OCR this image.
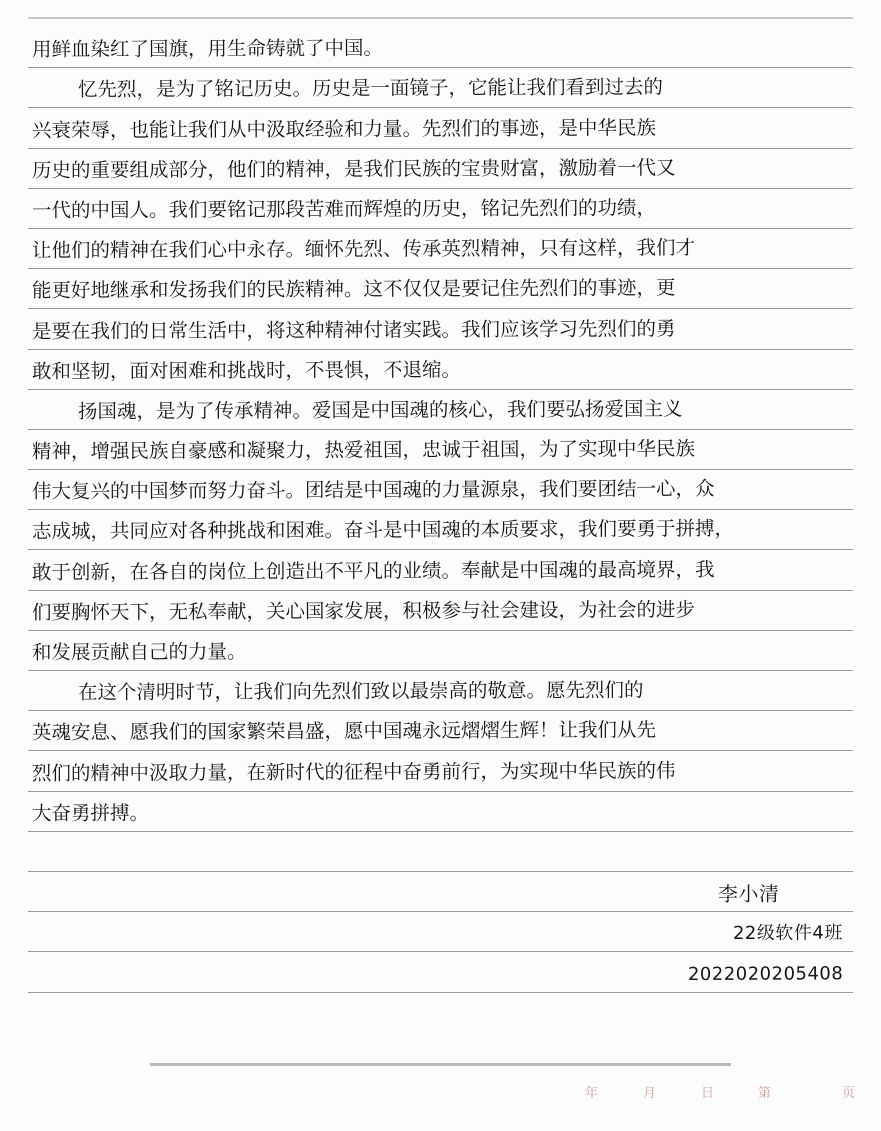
用鲜血染红了国旗，用生命铸就了中国。
忆先烈，是为了铭记历史。历史是一面镜子，它能让我们看到过去的
兴衰荣辱，也能让我们从中汲取经验和力量。先烈们的事迹，是中华民族
历史的重要组成部分，他们的精神，是我们民族的宝贵财富，激励着一代又
一代的中国人。我们要铭记那段苦难而辉煌的历史，铭记先烈们的功绩，
让他们的精神在我们心中永存。缅怀先烈、传承英烈精神，只有这样，我们才
能更好地继承和发扬我们的民族精神。这不仅仅是要记住先烈们的事迹，更
是要在我们的日常生活中，将这种精神付诸实践。我们应该学习先烈们的勇
敢和坚韧，面对困难和挑战时，不畏惧，不退缩。
扬国魂，是为了传承精神。爱国是中国魂的核心，我们要弘扬爱国主义
精神，增强民族自豪感和凝聚力，热爱祖国，忠诚于祖国，为了实现中华民族
伟大复兴的中国梦而努力奋斗。团结是中国魂的力量源泉，我们要团结一心，众
志成城，共同应对各种挑战和困难。奋斗是中国魂的本质要求，我们要勇于拼搏，
敢于创新，在各自的岗位上创造出不平凡的业绩。奉献是中国魂的最高境界，我
们要胸怀天下，无私奉献，关心国家发展，积极参与社会建设，为社会的进步
和发展贡献自己的力量。
在这个清明时节，让我们向先烈们致以最崇高的敬意。愿先烈们的
英魂安息、愿我们的国家繁荣昌盛，愿中国魂永远熠熠生辉！让我们从先
烈们的精神中汲取力量，在新时代的征程中奋勇前行，为实现中华民族的伟
大奋勇拼搏。
李小清
22级软件4班
2022020205408
年	月	日	第	页
